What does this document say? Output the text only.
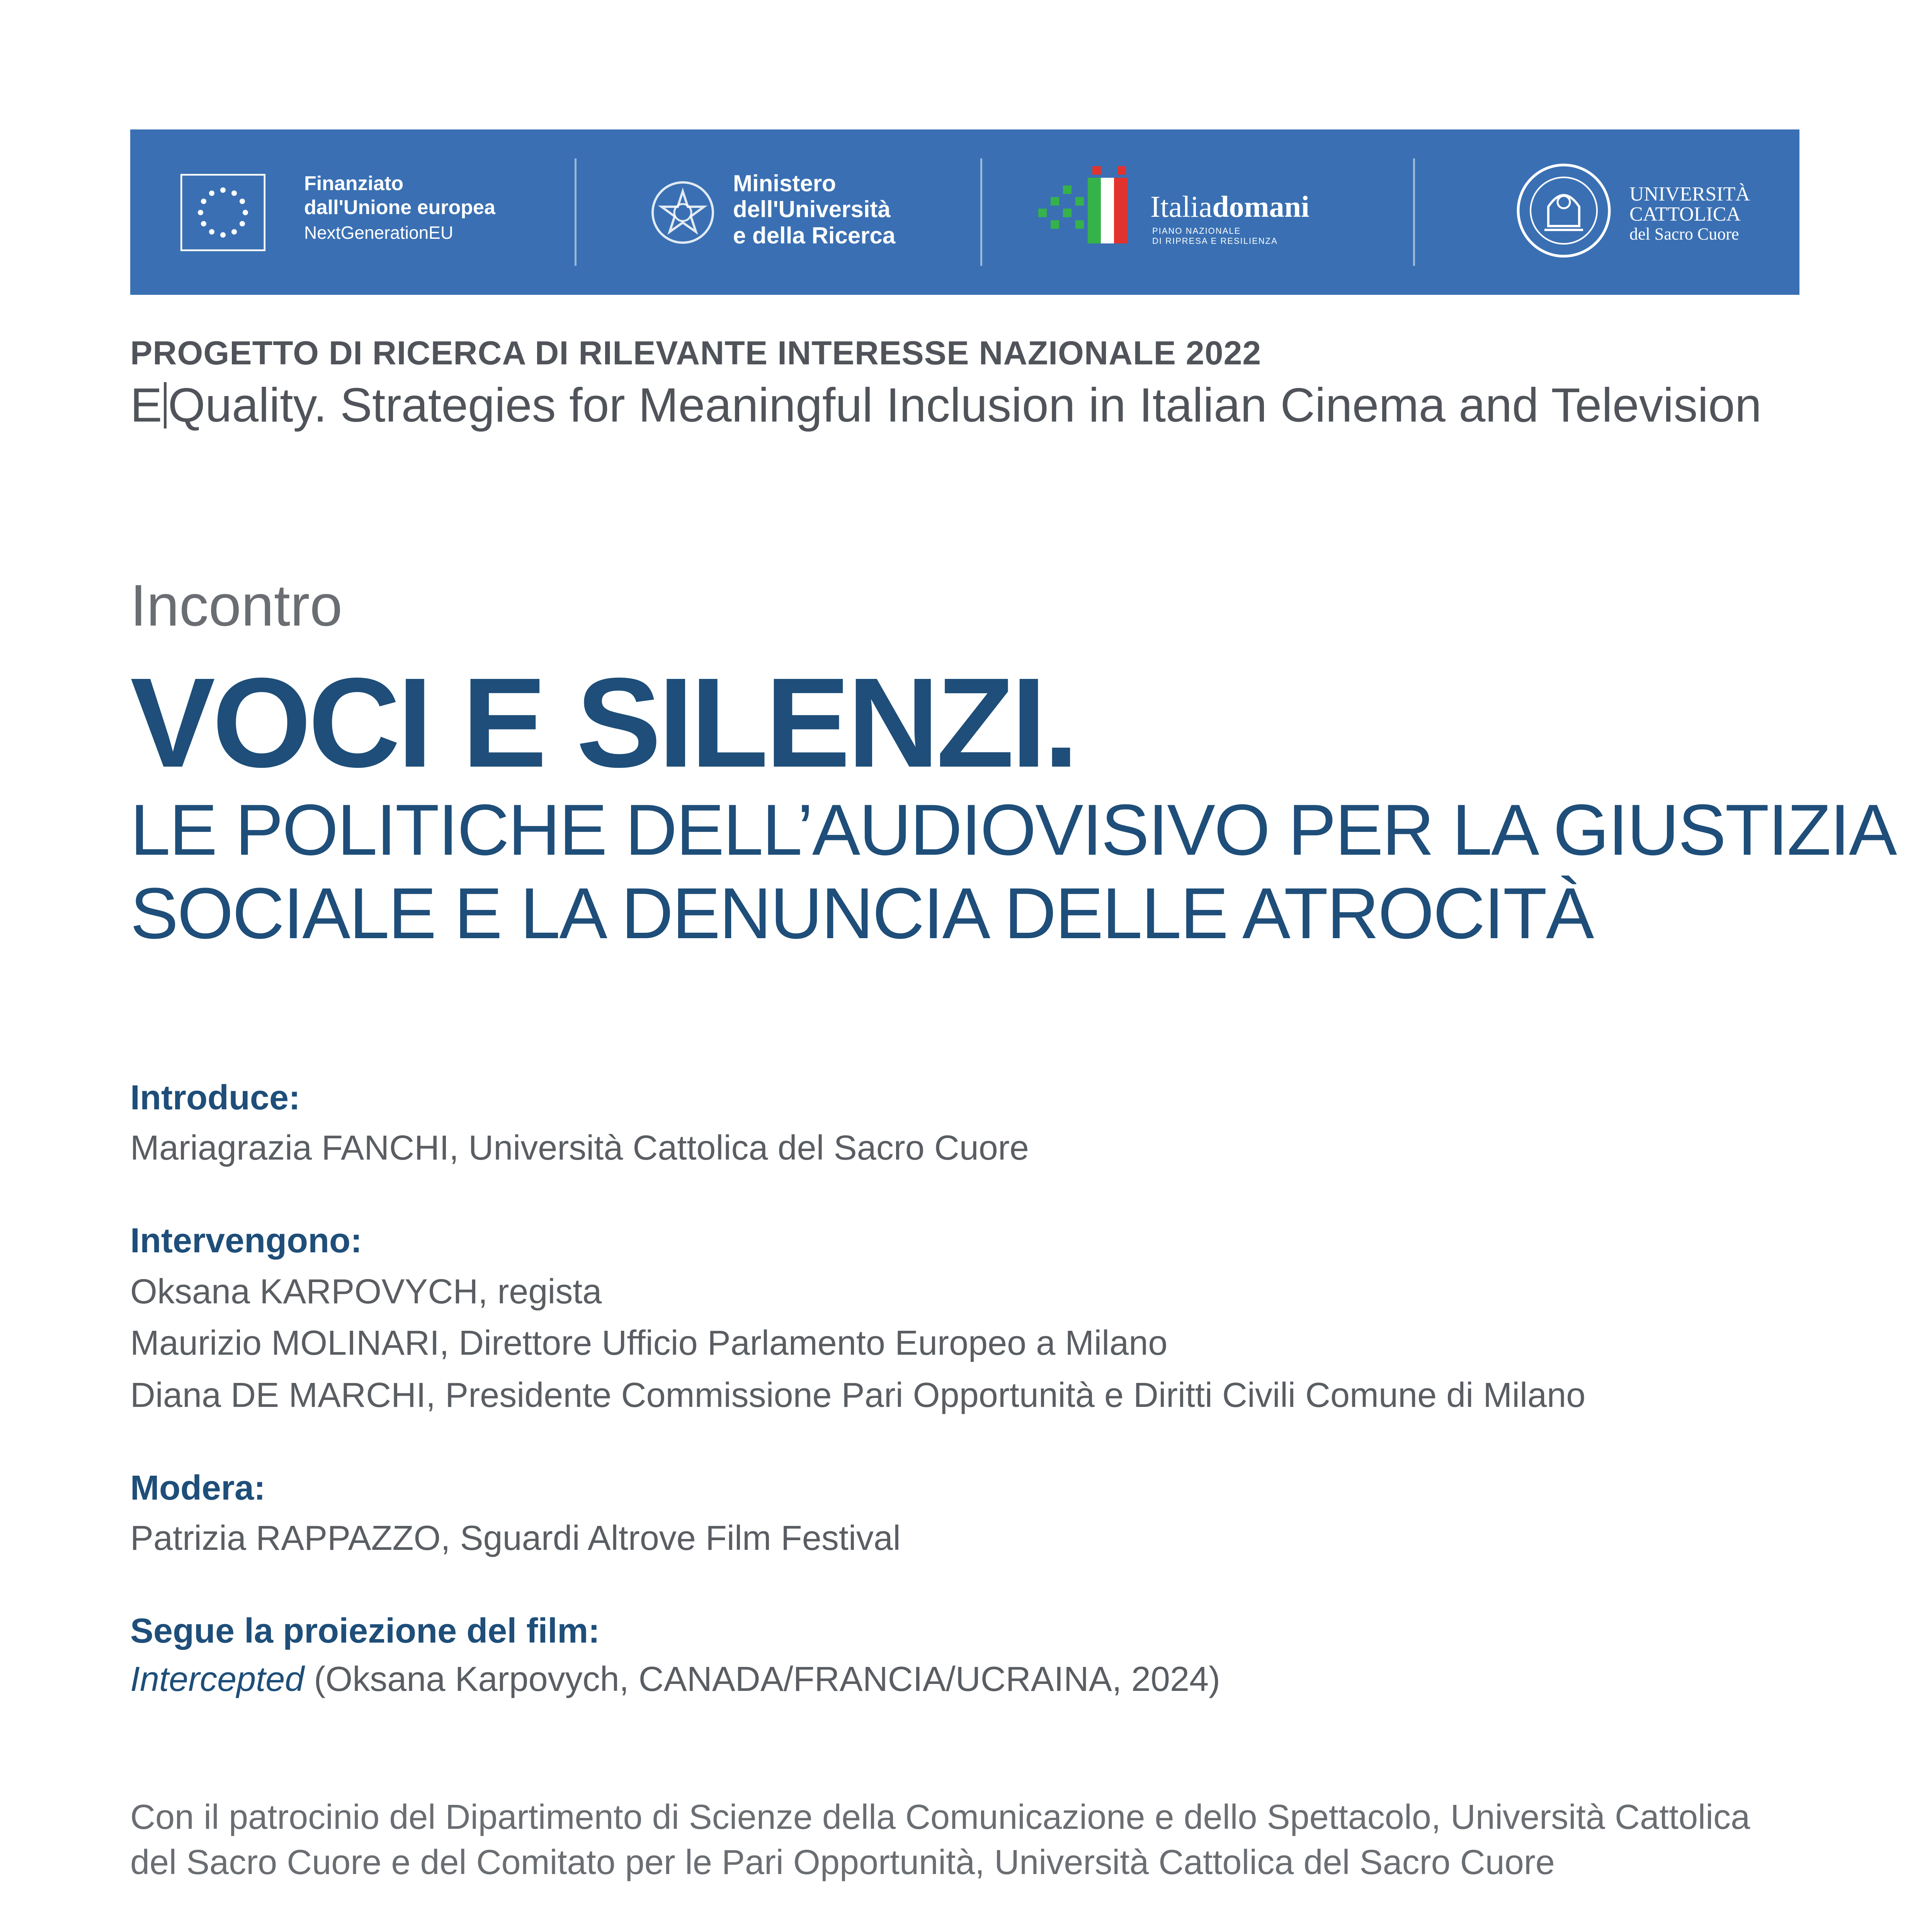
Finanziato
dall'Unione europea
NextGenerationEU
Ministero
dell'Università
e della Ricerca
Italiadomani
PIANO NAZIONALE
DI RIPRESA E RESILIENZA
UNIVERSITÀ
CATTOLICA
del Sacro Cuore
PROGETTO DI RICERCA DI RILEVANTE INTERESSE NAZIONALE 2022
E Quality. Strategies for Meaningful Inclusion in Italian Cinema and Television
Incontro
VOCI E SILENZI.
LE POLITICHE DELL’AUDIOVISIVO PER LA GIUSTIZIA
SOCIALE E LA DENUNCIA DELLE ATROCITÀ
Introduce:
Mariagrazia FANCHI, Università Cattolica del Sacro Cuore
Intervengono:
Oksana KARPOVYCH, regista
Maurizio MOLINARI, Direttore Ufficio Parlamento Europeo a Milano
Diana DE MARCHI, Presidente Commissione Pari Opportunità e Diritti Civili Comune di Milano
Modera:
Patrizia RAPPAZZO, Sguardi Altrove Film Festival
Segue la proiezione del film:
Intercepted (Oksana Karpovych, CANADA/FRANCIA/UCRAINA, 2024)
Con il patrocinio del Dipartimento di Scienze della Comunicazione e dello Spettacolo, Università Cattolica del Sacro Cuore e del Comitato per le Pari Opportunità, Università Cattolica del Sacro Cuore
